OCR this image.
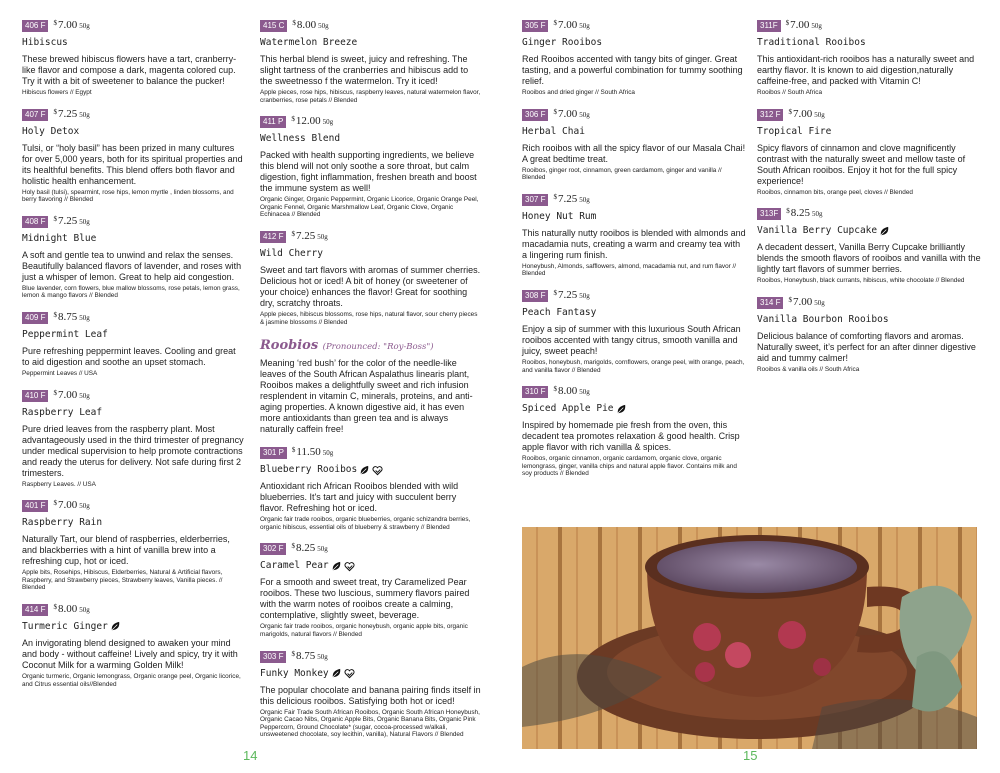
406 F	$7.00 50g
Hibiscus

These brewed hibiscus flowers have a tart, cranberry-like flavor and compose a dark, magenta colored cup. Try it with a bit of sweetener to balance the pucker!

Hibiscus flowers // Egypt

407 F	$7.25 50g
Holy Detox

Tulsi, or “holy basil” has been prized in many cultures for over 5,000 years, both for its spiritual properties and its healthful benefits. This blend offers both flavor and holistic health enhancement.

Holy basil (tulsi), spearmint, rose hips, lemon myrtle , linden blossoms, and berry flavoring // Blended

408 F	$7.25 50g
Midnight Blue

A soft and gentle tea to unwind and relax the senses. Beautifully balanced flavors of lavender, and roses with just a whisper of lemon. Great to help aid congestion.

Blue lavender, corn flowers, blue mallow blossoms, rose petals, lemon grass, lemon & mango flavors // Blended

409 F	$8.75 50g
Peppermint Leaf

Pure refreshing peppermint leaves. Cooling and great to aid digestion and soothe an upset stomach.

Peppermint Leaves // USA

410 F	$7.00 50g
Raspberry Leaf

Pure dried leaves from the raspberry plant. Most advantageously used in the third trimester of pregnancy under medical supervision to help promote contractions and ready the uterus for delivery. Not safe during first 2 trimesters.

Raspberry Leaves. // USA

401 F	$7.00 50g
Raspberry Rain

Naturally Tart, our blend of raspberries, elderberries, and blackberries with a hint of vanilla brew into a refreshing cup, hot or iced.

Apple bits, Rosehips, Hibiscus, Elderberries, Natural & Artificial flavors, Raspberry, and Strawberry pieces, Strawberry leaves, Vanilla pieces. // Blended

414 F	$8.00 50g
Turmeric Ginger

An invigorating blend designed to awaken your mind and body - without caffeine! Lively and spicy, try it with Coconut Milk for a warming Golden Milk!

Organic turmeric, Organic lemongrass, Organic orange peel, Organic licorice, and Citrus essential oils//Blended

415 C	$8.00 50g
Watermelon Breeze

This herbal blend is sweet, juicy and refreshing. The slight tartness of the cranberries and hibiscus add to the sweetnesso f the watermelon. Try it iced!

Apple pieces, rose hips, hibiscus, raspberry leaves, natural watermelon flavor, cranberries, rose petals // Blended

411 P	$12.00 50g
Wellness Blend

Packed with health supporting ingredients, we believe this blend will not only soothe a sore throat, but calm digestion, fight inflammation, freshen breath and boost the immune system as well!

Organic Ginger, Organic Peppermint, Organic Licorice, Organic Orange Peel, Organic Fennel, Organic Marshmallow Leaf, Organic Clove, Organic Echinacea // Blended

412 F	$7.25 50g
Wild Cherry

Sweet and tart flavors with aromas of summer cherries. Delicious hot or iced! A bit of honey (or sweetener of your choice) enhances the flavor! Great for soothing dry, scratchy throats.

Apple pieces, hibiscus blossoms, rose hips, natural flavor, sour cherry pieces & jasmine blossoms // Blended

Roobios (Pronounced: "Roy-Boss")

Meaning ‘red bush’ for the color of the needle-like leaves of the South African Aspalathus linearis plant, Rooibos makes a delightfully sweet and rich infusion resplendent in vitamin C, minerals, proteins, and anti-aging properties. A known digestive aid, it has even more antioxidants than green tea and is always naturally caffein free!

301 P	$11.50 50g
Blueberry Rooibos

Antioxidant rich African Rooibos blended with wild blueberries. It's tart and juicy with succulent berry flavor. Refreshing hot or iced.

Organic fair trade rooibos, organic blueberries, organic schizandra berries, organic hibiscus, essential oils of blueberry & strawberry // Blended

302 F	$8.25 50g
Caramel Pear

For a smooth and sweet treat, try Caramelized Pear rooibos. These two luscious, summery flavors paired with the warm notes of rooibos create a calming, contemplative, slightly sweet, beverage.

Organic fair trade rooibos, organic honeybush, organic apple bits, organic marigolds, natural flavors // Blended

303 F	$8.75 50g
Funky Monkey

The popular chocolate and banana pairing finds itself in this delicious rooibos. Satisfying both hot or iced!

Organic Fair Trade South African Rooibos, Organic South African Honeybush, Organic Cacao Nibs, Organic Apple Bits, Organic Banana Bits, Organic Pink Peppercorn, Ground Chocolate* (sugar, cocoa-processed w/alkali, unsweetened chocolate, soy lecithin, vanilla), Natural Flavors // Blended

305 F	$7.00 50g
Ginger Rooibos

Red Rooibos accented with tangy bits of ginger. Great tasting, and a powerful combination for tummy soothing relief.

Rooibos and dried ginger // South Africa

306 F	$7.00 50g
Herbal Chai

Rich rooibos with all the spicy flavor of our Masala Chai! A great bedtime treat.

Rooibos, ginger root, cinnamon, green cardamom, ginger and vanilla // Blended

307 F	$7.25 50g
Honey Nut Rum

This naturally nutty rooibos is blended with almonds and macadamia nuts, creating a warm and creamy tea with a lingering rum finish.

Honeybush, Almonds, safflowers, almond, macadamia nut, and rum flavor // Blended

308 F	$7.25 50g
Peach Fantasy

Enjoy a sip of summer with this luxurious South African rooibos accented with tangy citrus, smooth vanilla and juicy, sweet peach!

Rooibos, honeybush, marigolds, cornflowers, orange peel, with orange, peach, and vanilla flavor // Blended

310 F	$8.00 50g
Spiced Apple Pie

Inspired by homemade pie fresh from the oven, this decadent tea promotes relaxation & good health. Crisp apple flavor with rich vanilla & spices.

Rooibos, organic cinnamon, organic cardamom, organic clove, organic lemongrass, ginger, vanilla chips and natural apple flavor. Contains milk and soy products // Blended

311F	$7.00 50g
Traditional Rooibos

This antioxidant-rich rooibos has a naturally sweet and earthy flavor. It is known to aid digestion,naturally caffeine-free, and packed with Vitamin C!

Rooibos // South Africa

312 F	$7.00 50g
Tropical Fire

Spicy flavors of cinnamon and clove magnificently contrast with the naturally sweet and mellow taste of South African rooibos. Enjoy it hot for the full spicy experience!

Rooibos, cinnamon bits, orange peel, cloves // Blended

313F	$8.25 50g
Vanilla Berry Cupcake

A decadent dessert, Vanilla Berry Cupcake brilliantly blends the smooth flavors of rooibos and vanilla with the lightly tart flavors of summer berries.

Rooibos, Honeybush, black currants, hibiscus, white chocolate // Blended

314 F	$7.00 50g
Vanilla Bourbon Rooibos

Delicious balance of comforting flavors and aromas. Naturally sweet, it’s perfect for an after dinner digestive aid and tummy calmer!

Rooibos & vanilla oils // South Africa

14	15
